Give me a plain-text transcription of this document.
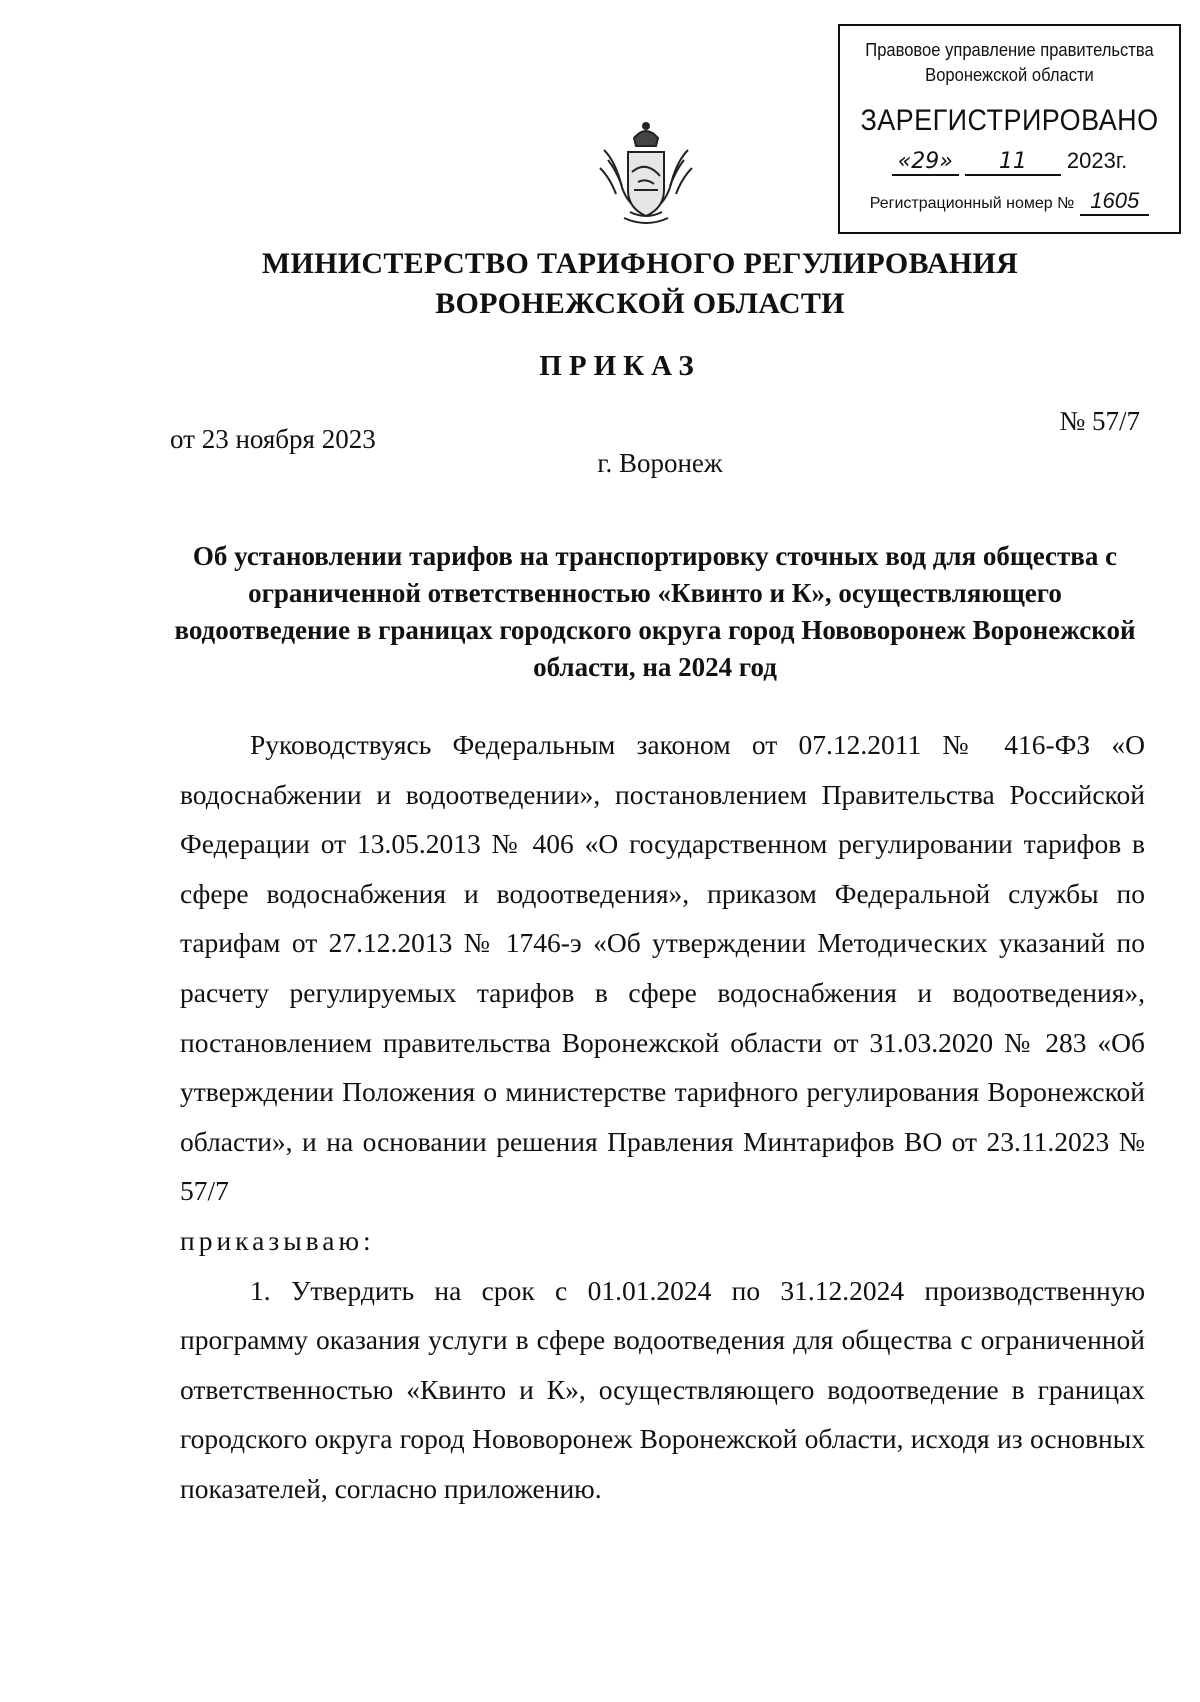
Правовое управление правительства
Воронежской области
ЗАРЕГИСТРИРОВАНО
«29»	11	2023г.
Регистрационный номер № 1605
МИНИСТЕРСТВО ТАРИФНОГО РЕГУЛИРОВАНИЯ
ВОРОНЕЖСКОЙ ОБЛАСТИ
ПРИКАЗ
от 23 ноября 2023
№ 57/7
г. Воронеж
Об установлении тарифов на транспортировку сточных вод для общества с ограниченной ответственностью «Квинто и К», осуществляющего водоотведение в границах городского округа город Нововоронеж Воронежской области, на 2024 год

Руководствуясь Федеральным законом от 07.12.2011 № 416-ФЗ «О водоснабжении и водоотведении», постановлением Правительства Российской Федерации от 13.05.2013 № 406 «О государственном регулировании тарифов в сфере водоснабжения и водоотведения», приказом Федеральной службы по тарифам от 27.12.2013 № 1746-э «Об утверждении Методических указаний по расчету регулируемых тарифов в сфере водоснабжения и водоотведения», постановлением правительства Воронежской области от 31.03.2020 № 283 «Об утверждении Положения о министерстве тарифного регулирования Воронежской области», и на основании решения Правления Минтарифов ВО от 23.11.2023 № 57/7

приказываю:

1. Утвердить на срок с 01.01.2024 по 31.12.2024 производственную программу оказания услуги в сфере водоотведения для общества с ограниченной ответственностью «Квинто и К», осуществляющего водоотведение в границах городского округа город Нововоронеж Воронежской области, исходя из основных показателей, согласно приложению.
